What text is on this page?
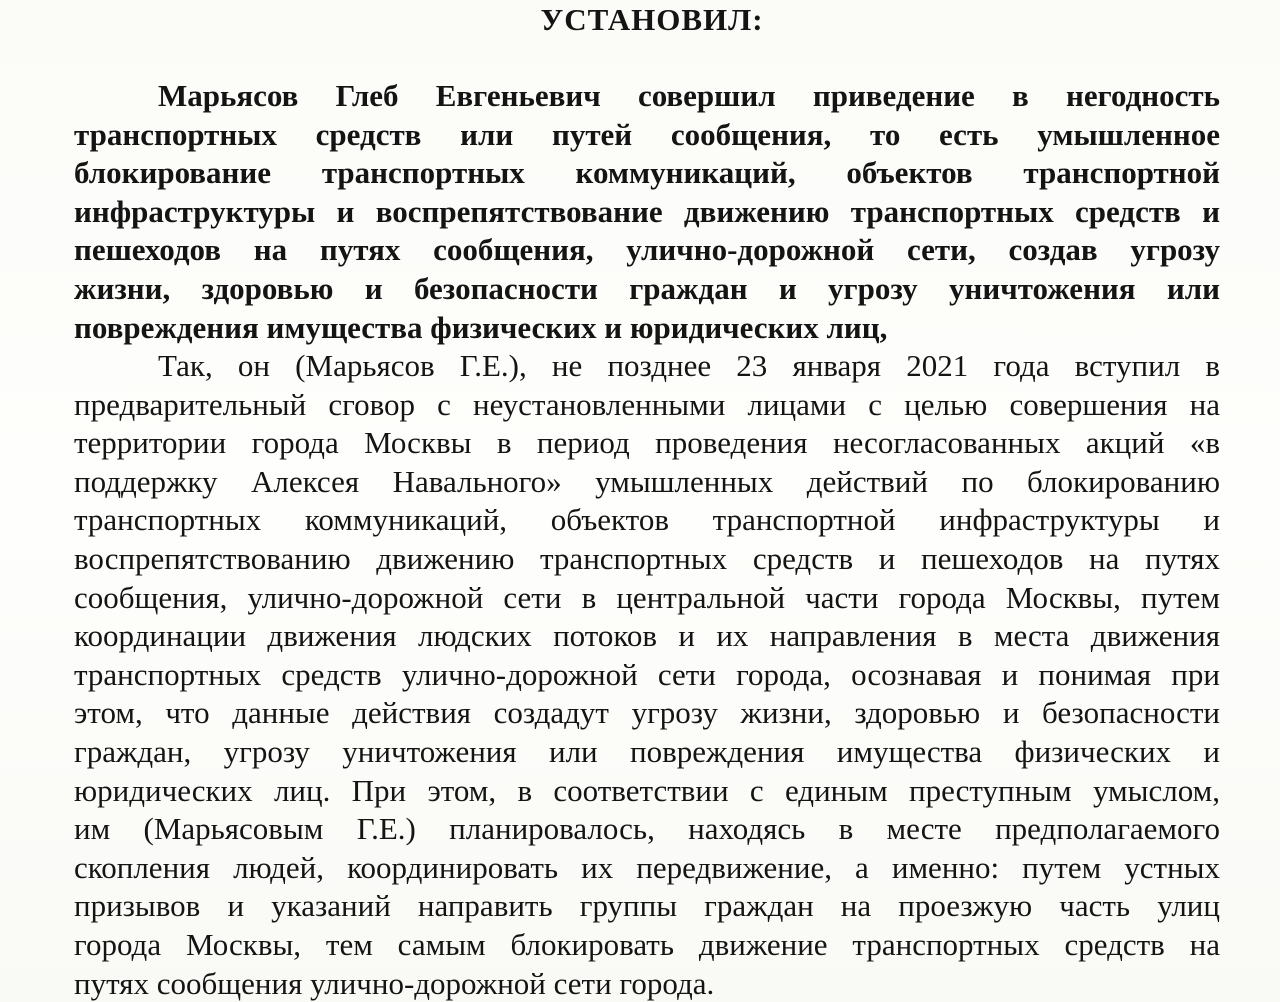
УСТАНОВИЛ:
Марьясов Глеб Евгеньевич совершил приведение в негодность
транспортных средств или путей сообщения, то есть умышленное
блокирование транспортных коммуникаций, объектов транспортной
инфраструктуры и воспрепятствование движению транспортных средств и
пешеходов на путях сообщения, улично-дорожной сети, создав угрозу
жизни, здоровью и безопасности граждан и угрозу уничтожения или
повреждения имущества физических и юридических лиц,
Так, он (Марьясов Г.Е.), не позднее 23 января 2021 года вступил в
предварительный сговор с неустановленными лицами с целью совершения на
территории города Москвы в период проведения несогласованных акций «в
поддержку Алексея Навального» умышленных действий по блокированию
транспортных коммуникаций, объектов транспортной инфраструктуры и
воспрепятствованию движению транспортных средств и пешеходов на путях
сообщения, улично-дорожной сети в центральной части города Москвы, путем
координации движения людских потоков и их направления в места движения
транспортных средств улично-дорожной сети города, осознавая и понимая при
этом, что данные действия создадут угрозу жизни, здоровью и безопасности
граждан, угрозу уничтожения или повреждения имущества физических и
юридических лиц. При этом, в соответствии с единым преступным умыслом,
им (Марьясовым Г.Е.) планировалось, находясь в месте предполагаемого
скопления людей, координировать их передвижение, а именно: путем устных
призывов и указаний направить группы граждан на проезжую часть улиц
города Москвы, тем самым блокировать движение транспортных средств на
путях сообщения улично-дорожной сети города.
